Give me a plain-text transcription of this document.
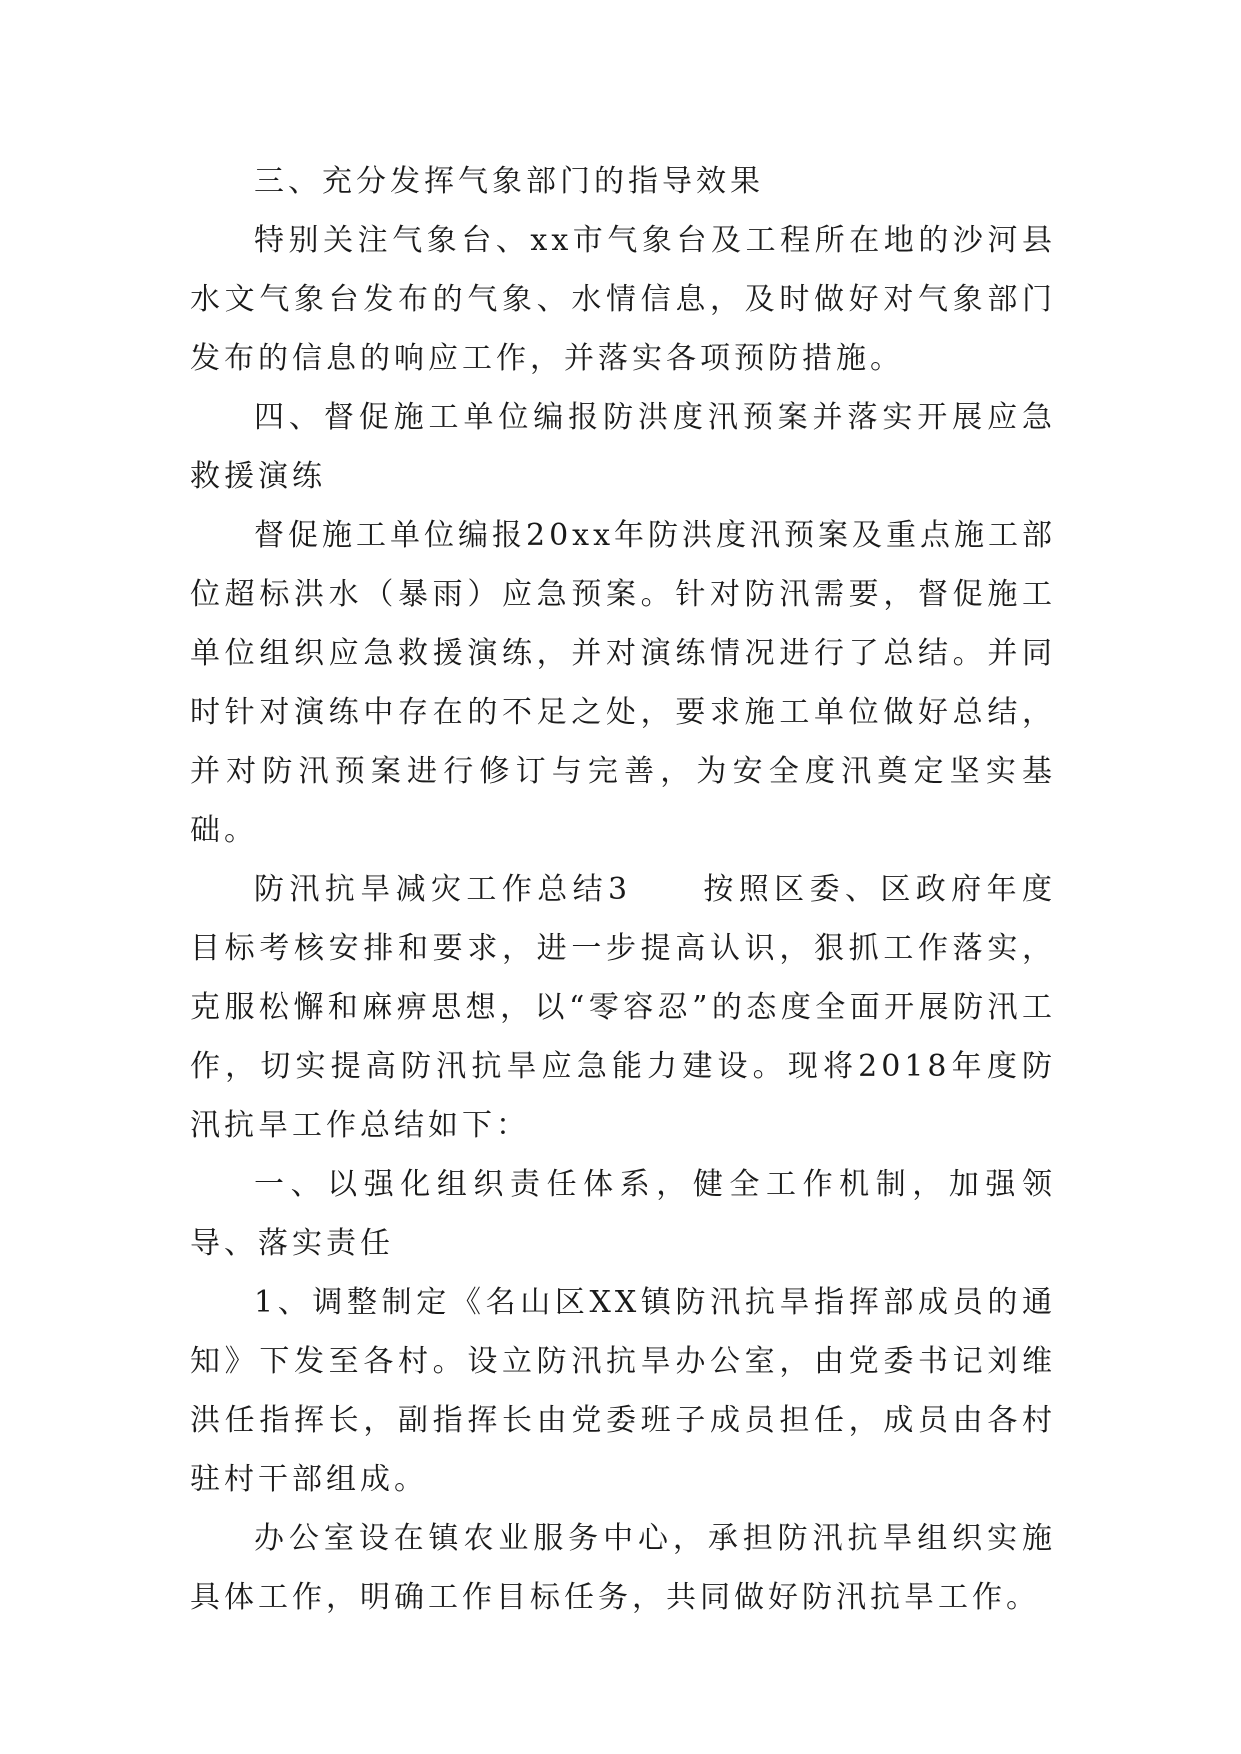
三、充分发挥气象部门的指导效果

特别关注气象台、xx市气象台及工程所在地的沙河县水文气象台发布的气象、水情信息，及时做好对气象部门发布的信息的响应工作，并落实各项预防措施。

四、督促施工单位编报防洪度汛预案并落实开展应急救援演练

督促施工单位编报20xx年防洪度汛预案及重点施工部位超标洪水（暴雨）应急预案。针对防汛需要，督促施工单位组织应急救援演练，并对演练情况进行了总结。并同时针对演练中存在的不足之处，要求施工单位做好总结，并对防汛预案进行修订与完善，为安全度汛奠定坚实基础。

防汛抗旱减灾工作总结3　　按照区委、区政府年度目标考核安排和要求，进一步提高认识，狠抓工作落实，克服松懈和麻痹思想，以“零容忍”的态度全面开展防汛工作，切实提高防汛抗旱应急能力建设。现将2018年度防汛抗旱工作总结如下：

一、以强化组织责任体系，健全工作机制，加强领导、落实责任

1、调整制定《名山区XX镇防汛抗旱指挥部成员的通知》下发至各村。设立防汛抗旱办公室，由党委书记刘维洪任指挥长，副指挥长由党委班子成员担任，成员由各村驻村干部组成。

办公室设在镇农业服务中心，承担防汛抗旱组织实施具体工作，明确工作目标任务，共同做好防汛抗旱工作。
